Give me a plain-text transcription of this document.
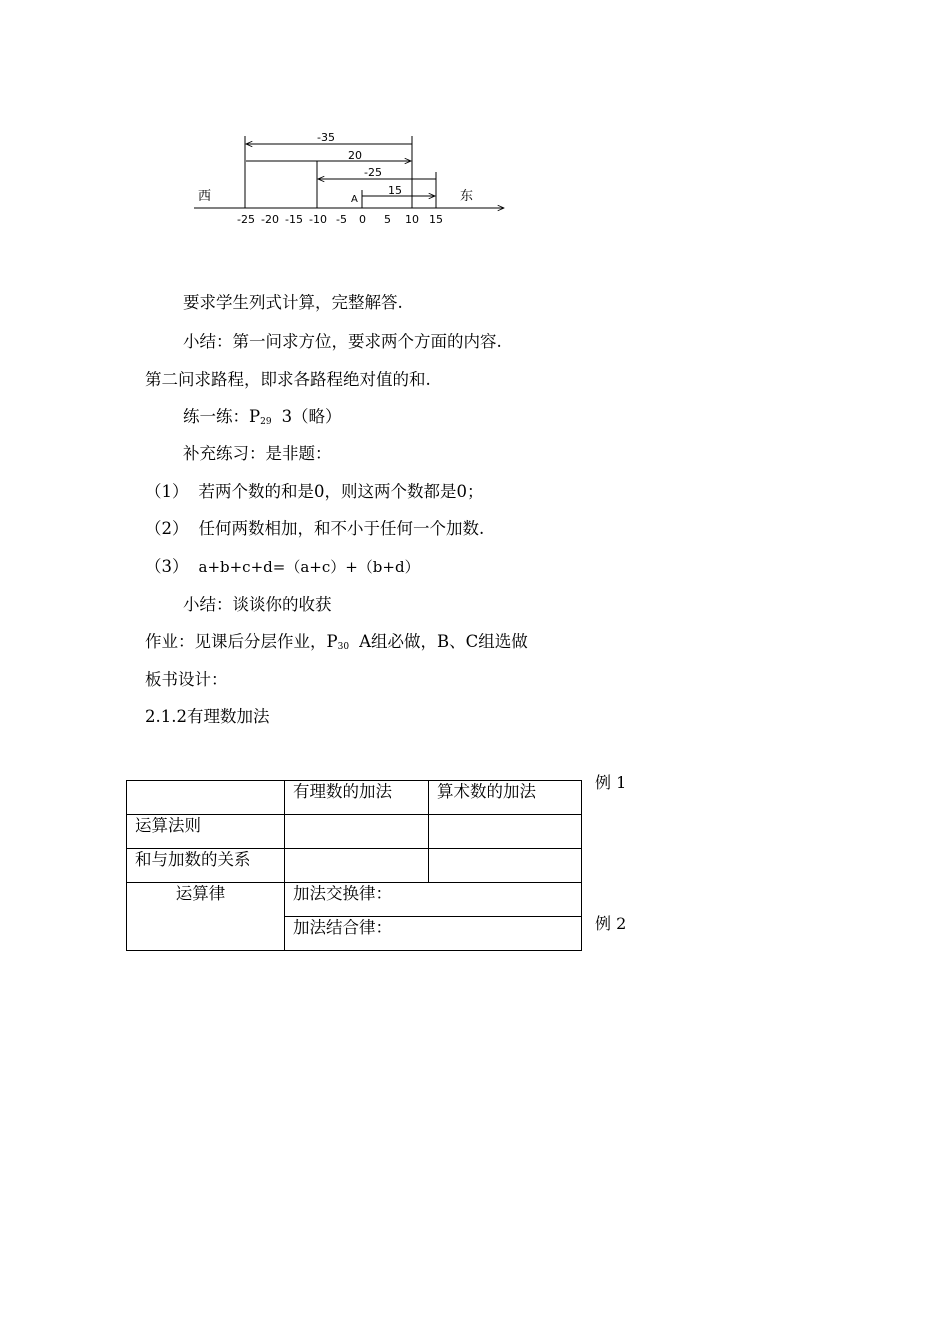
西	东
A
-35
20
-25
15
-25 -20 -15 -10 -5 0 5 10 15
要求学生列式计算，完整解答.
小结：第一问求方位，要求两个方面的内容.
第二问求路程，即求各路程绝对值的和.
练一练：$P_{29}$ 3（略）
补充练习：是非题：
（1） 若两个数的和是0，则这两个数都是0；
（2） 任何两数相加，和不小于任何一个加数.
（3） a+b+c+d=（a+c）+（b+d）
小结：谈谈你的收获
作业：见课后分层作业，$P_{30}$ A组必做，B、C组选做
板书设计：
2.1.2有理数加法
	有理数的加法	算术数的加法
运算法则		
和与加数的关系		
运算律	加法交换律：	
	加法结合律：	
例 1
例 2
